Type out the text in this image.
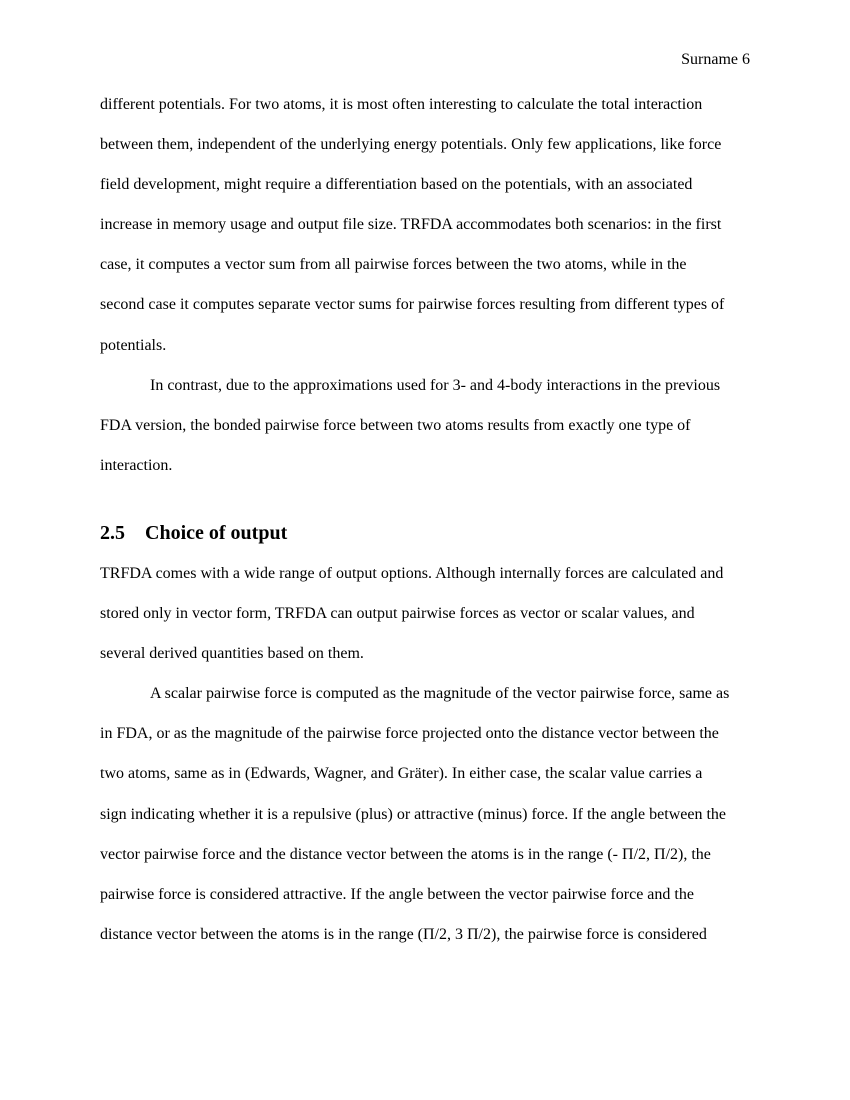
Surname 6

different potentials. For two atoms, it is most often interesting to calculate the total interaction
between them, independent of the underlying energy potentials. Only few applications, like force
field development, might require a differentiation based on the potentials, with an associated
increase in memory usage and output file size. TRFDA accommodates both scenarios: in the first
case, it computes a vector sum from all pairwise forces between the two atoms, while in the
second case it computes separate vector sums for pairwise forces resulting from different types of
potentials.

In contrast, due to the approximations used for 3- and 4-body interactions in the previous
FDA version, the bonded pairwise force between two atoms results from exactly one type of
interaction.

2.5 Choice of output

TRFDA comes with a wide range of output options. Although internally forces are calculated and
stored only in vector form, TRFDA can output pairwise forces as vector or scalar values, and
several derived quantities based on them.

A scalar pairwise force is computed as the magnitude of the vector pairwise force, same as
in FDA, or as the magnitude of the pairwise force projected onto the distance vector between the
two atoms, same as in (Edwards, Wagner, and Gräter). In either case, the scalar value carries a
sign indicating whether it is a repulsive (plus) or attractive (minus) force. If the angle between the
vector pairwise force and the distance vector between the atoms is in the range (- Π/2, Π/2), the
pairwise force is considered attractive. If the angle between the vector pairwise force and the
distance vector between the atoms is in the range (Π/2, 3 Π/2), the pairwise force is considered
